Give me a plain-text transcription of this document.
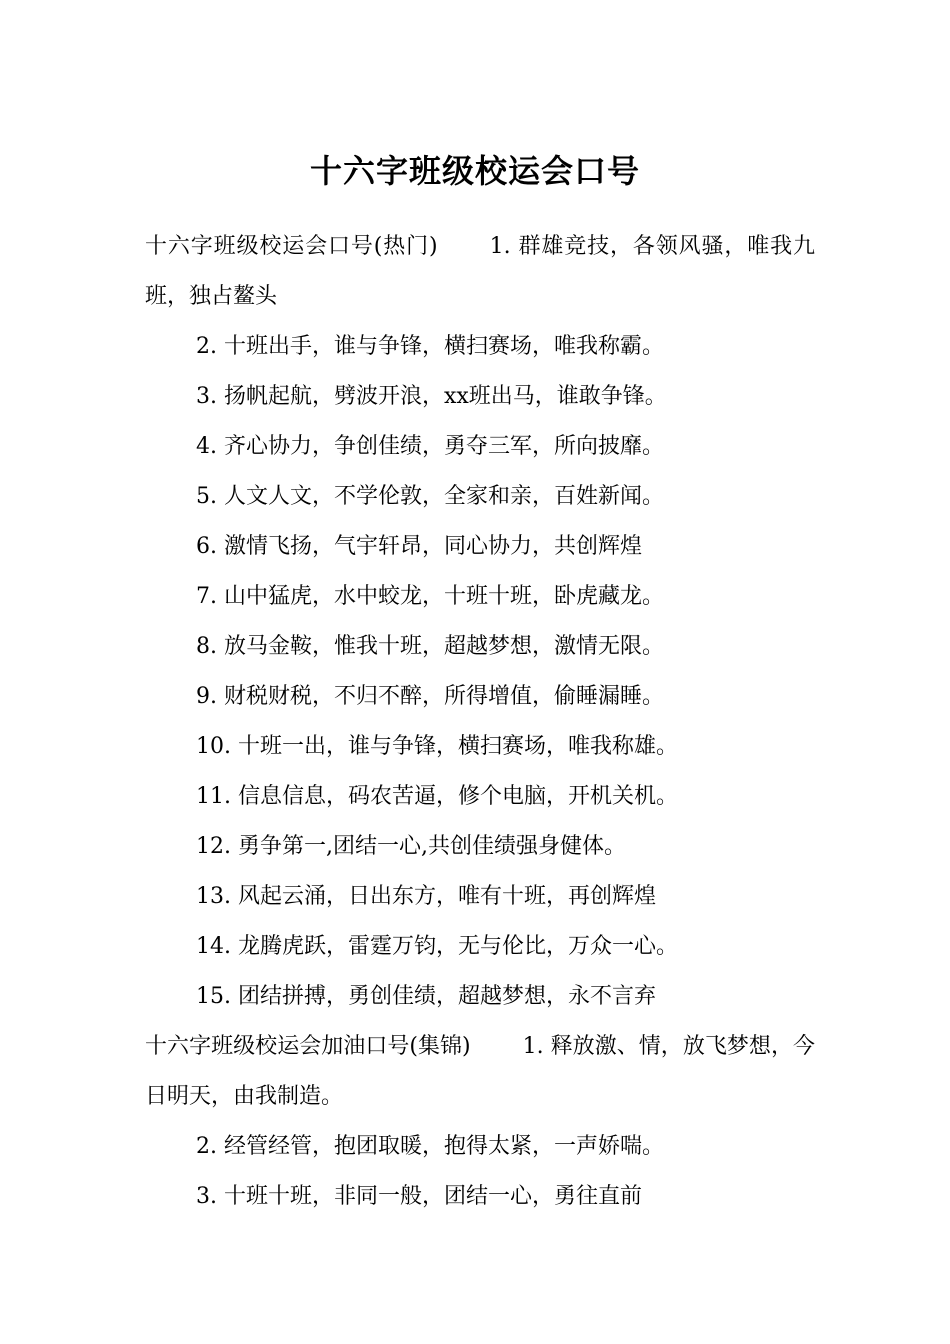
十六字班级校运会口号

十六字班级校运会口号(热门) 1. 群雄竞技，各领风骚，唯我九班，独占鳌头

2. 十班出手，谁与争锋，横扫赛场，唯我称霸。

3. 扬帆起航，劈波开浪，xx班出马，谁敢争锋。

4. 齐心协力，争创佳绩，勇夺三军，所向披靡。

5. 人文人文，不学伦敦，全家和亲，百姓新闻。

6. 激情飞扬，气宇轩昂，同心协力，共创辉煌

7. 山中猛虎，水中蛟龙，十班十班，卧虎藏龙。

8. 放马金鞍，惟我十班，超越梦想，激情无限。

9. 财税财税，不归不醉，所得增值，偷睡漏睡。

10. 十班一出，谁与争锋，横扫赛场，唯我称雄。

11. 信息信息，码农苦逼，修个电脑，开机关机。

12. 勇争第一,团结一心,共创佳绩强身健体。

13. 风起云涌，日出东方，唯有十班，再创辉煌

14. 龙腾虎跃，雷霆万钧，无与伦比，万众一心。

15. 团结拼搏，勇创佳绩，超越梦想，永不言弃

十六字班级校运会加油口号(集锦) 1. 释放激、情，放飞梦想，今日明天，由我制造。

2. 经管经管，抱团取暖，抱得太紧，一声娇喘。

3. 十班十班，非同一般，团结一心，勇往直前
